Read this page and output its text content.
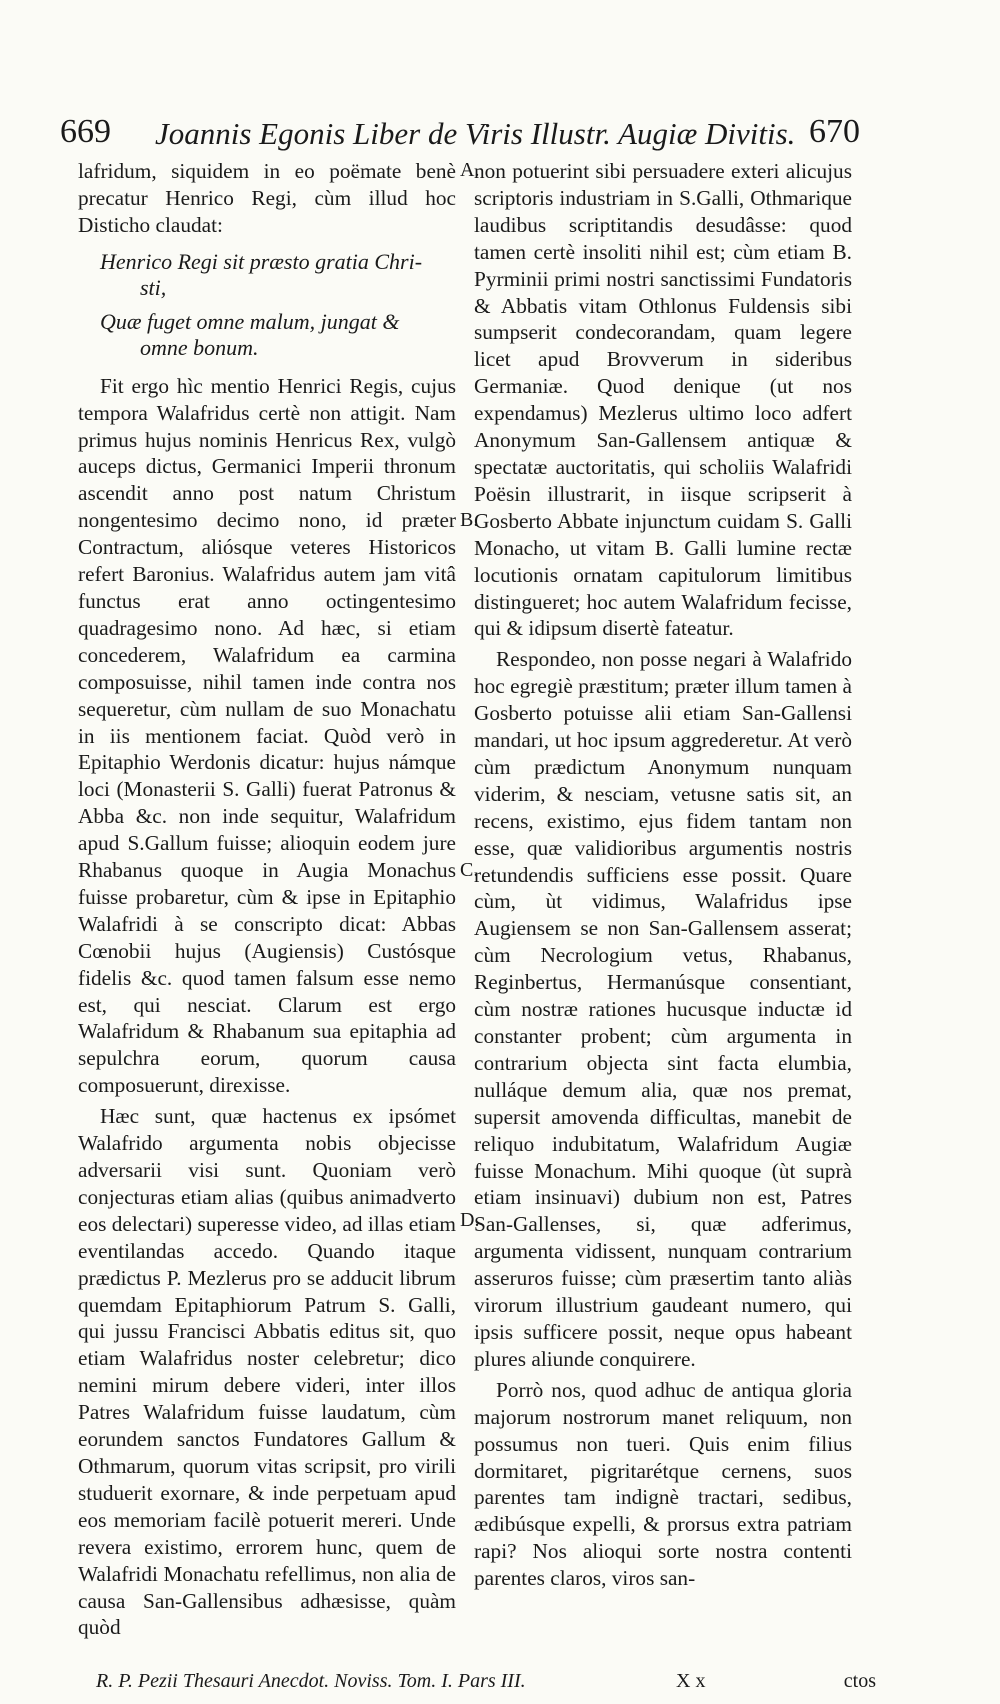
669 Joannis Egonis Liber de Viris Illustr. Augiæ Divitis. 670

lafridum, siquidem in eo poëmate benè precatur Henrico Regi, cùm illud hoc Disticho claudat:

Henrico Regi sit præsto gratia Chri-
sti,
Quæ fuget omne malum, jungat &
omne bonum.

Fit ergo hìc mentio Henrici Regis, cujus tempora Walafridus certè non attigit. Nam primus hujus nominis Henricus Rex, vulgò auceps dictus, Germanici Imperii thronum ascendit anno post natum Christum nongentesimo decimo nono, id præter Contractum, aliósque veteres Historicos refert Baronius. Walafridus autem jam vitâ functus erat anno octingentesimo quadragesimo nono. Ad hæc, si etiam concederem, Walafridum ea carmina composuisse, nihil tamen inde contra nos sequeretur, cùm nullam de suo Monachatu in iis mentionem faciat. Quòd verò in Epitaphio Werdonis dicatur: hujus námque loci (Monasterii S. Galli) fuerat Patronus & Abba &c. non inde sequitur, Walafridum apud S.Gallum fuisse; alioquin eodem jure Rhabanus quoque in Augia Monachus fuisse probaretur, cùm & ipse in Epitaphio Walafridi à se conscripto dicat: Abbas Cœnobii hujus (Augiensis) Custósque fidelis &c. quod tamen falsum esse nemo est, qui nesciat. Clarum est ergo Walafridum & Rhabanum sua epitaphia ad sepulchra eorum, quorum causa composuerunt, direxisse.

Hæc sunt, quæ hactenus ex ipsómet Walafrido argumenta nobis objecisse adversarii visi sunt. Quoniam verò conjecturas etiam alias (quibus animadverto eos delectari) superesse video, ad illas etiam eventilandas accedo. Quando itaque prædictus P. Mezlerus pro se adducit librum quemdam Epitaphiorum Patrum S. Galli, qui jussu Francisci Abbatis editus sit, quo etiam Walafridus noster celebretur; dico nemini mirum debere videri, inter illos Patres Walafridum fuisse laudatum, cùm eorundem sanctos Fundatores Gallum & Othmarum, quorum vitas scripsit, pro virili studuerit exornare, & inde perpetuam apud eos memoriam facilè potuerit mereri. Unde revera existimo, errorem hunc, quem de Walafridi Monachatu refellimus, non alia de causa San-Gallensibus adhæsisse, quàm quòd

non potuerint sibi persuadere exteri alicujus scriptoris industriam in S.Galli, Othmarique laudibus scriptitandis desudâsse: quod tamen certè insoliti nihil est; cùm etiam B. Pyrminii primi nostri sanctissimi Fundatoris & Abbatis vitam Othlonus Fuldensis sibi sumpserit condecorandam, quam legere licet apud Brovverum in sideribus Germaniæ. Quod denique (ut nos expendamus) Mezlerus ultimo loco adfert Anonymum San-Gallensem antiquæ & spectatæ auctoritatis, qui scholiis Walafridi Poësin illustrarit, in iisque scripserit à Gosberto Abbate injunctum cuidam S. Galli Monacho, ut vitam B. Galli lumine rectæ locutionis ornatam capitulorum limitibus distingueret; hoc autem Walafridum fecisse, qui & idipsum disertè fateatur.

Respondeo, non posse negari à Walafrido hoc egregiè præstitum; præter illum tamen à Gosberto potuisse alii etiam San-Gallensi mandari, ut hoc ipsum aggrederetur. At verò cùm prædictum Anonymum nunquam viderim, & nesciam, vetusne satis sit, an recens, existimo, ejus fidem tantam non esse, quæ validioribus argumentis nostris retundendis sufficiens esse possit. Quare cùm, ùt vidimus, Walafridus ipse Augiensem se non San-Gallensem asserat; cùm Necrologium vetus, Rhabanus, Reginbertus, Hermanúsque consentiant, cùm nostræ rationes hucusque inductæ id constanter probent; cùm argumenta in contrarium objecta sint facta elumbia, nulláque demum alia, quæ nos premat, supersit amovenda difficultas, manebit de reliquo indubitatum, Walafridum Augiæ fuisse Monachum. Mihi quoque (ùt suprà etiam insinuavi) dubium non est, Patres San-Gallenses, si, quæ adferimus, argumenta vidissent, nunquam contrarium asseruros fuisse; cùm præsertim tanto aliàs virorum illustrium gaudeant numero, qui ipsis sufficere possit, neque opus habeant plures aliunde conquirere.

Porrò nos, quod adhuc de antiqua gloria majorum nostrorum manet reliquum, non possumus non tueri. Quis enim filius dormitaret, pigritarétque cernens, suos parentes tam indignè tractari, sedibus, ædibúsque expelli, & prorsus extra patriam rapi? Nos alioqui sorte nostra contenti parentes claros, viros san-

A.
B.
C.
D.
R. P. Pezii Thesauri Anecdot. Noviss. Tom. I. Pars III.	X x	ctos
